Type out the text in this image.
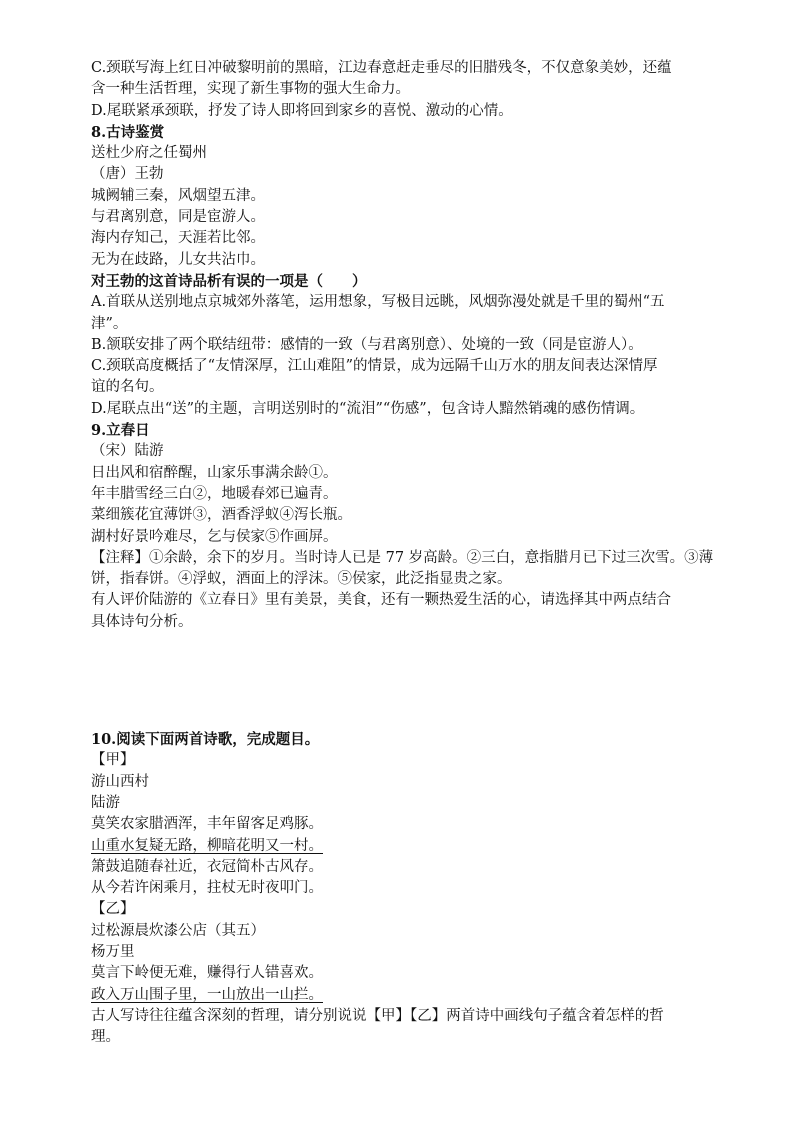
C.颈联写海上红日冲破黎明前的黑暗，江边春意赶走垂尽的旧腊残冬，不仅意象美妙，还蕴
含一种生活哲理，实现了新生事物的强大生命力。
D.尾联紧承颈联，抒发了诗人即将回到家乡的喜悦、激动的心情。
8.古诗鉴赏
送杜少府之任蜀州
（唐）王勃
城阙辅三秦，风烟望五津。
与君离别意，同是宦游人。
海内存知己，天涯若比邻。
无为在歧路，儿女共沾巾。
对王勃的这首诗品析有误的一项是（　　）
A.首联从送别地点京城郊外落笔，运用想象，写极目远眺，风烟弥漫处就是千里的蜀州“五
津”。
B.颔联安排了两个联结纽带：感情的一致（与君离别意）、处境的一致（同是宦游人）。
C.颈联高度概括了“友情深厚，江山难阻”的情景，成为远隔千山万水的朋友间表达深情厚
谊的名句。
D.尾联点出“送”的主题，言明送别时的“流泪”“伤感”，包含诗人黯然销魂的感伤情调。
9.立春日
（宋）陆游
日出风和宿醉醒，山家乐事满余龄①。
年丰腊雪经三白②，地暖春郊已遍青。
菜细簇花宜薄饼③，酒香浮蚁④泻长瓶。
湖村好景吟难尽，乞与侯家⑤作画屏。
【注释】①余龄，余下的岁月。当时诗人已是 77 岁高龄。②三白，意指腊月已下过三次雪。③薄
饼，指春饼。④浮蚁，酒面上的浮沫。⑤侯家，此泛指显贵之家。
有人评价陆游的《立春日》里有美景，美食，还有一颗热爱生活的心，请选择其中两点结合
具体诗句分析。
10.阅读下面两首诗歌，完成题目。
【甲】
游山西村
陆游
莫笑农家腊酒浑，丰年留客足鸡豚。
山重水复疑无路，柳暗花明又一村。
箫鼓追随春社近，衣冠简朴古风存。
从今若许闲乘月，拄杖无时夜叩门。
【乙】
过松源晨炊漆公店（其五）
杨万里
莫言下岭便无难，赚得行人错喜欢。
政入万山围子里，一山放出一山拦。
古人写诗往往蕴含深刻的哲理，请分别说说【甲】【乙】两首诗中画线句子蕴含着怎样的哲
理。
